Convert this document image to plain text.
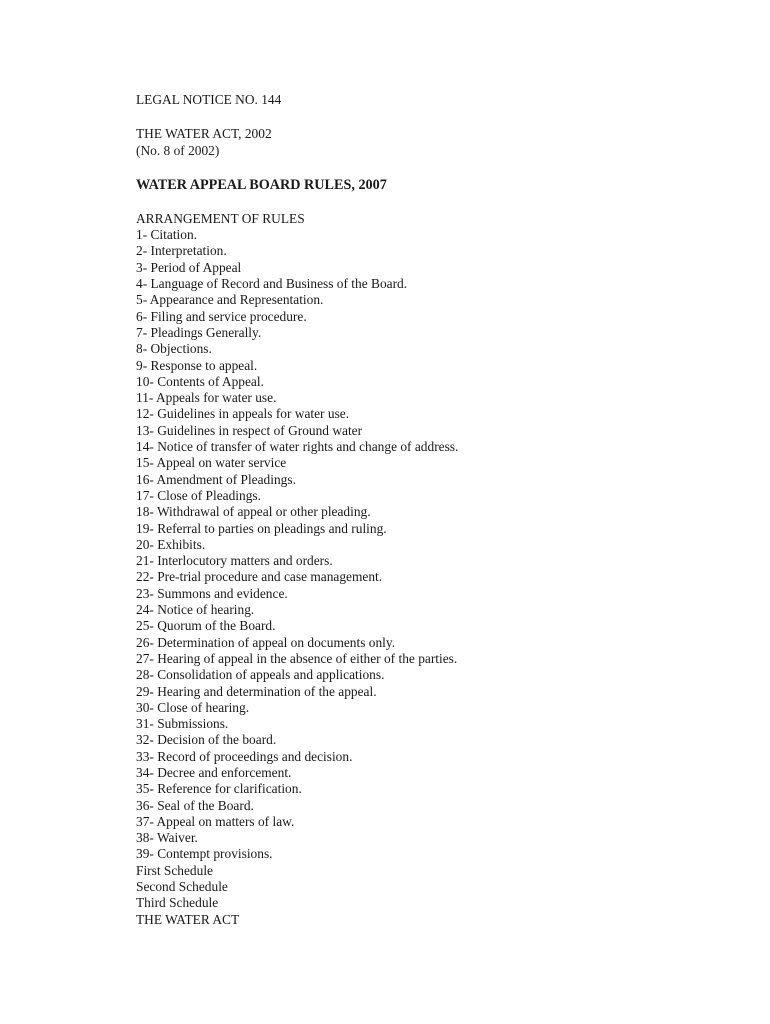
LEGAL NOTICE NO. 144
THE WATER ACT, 2002
(No. 8 of 2002)
WATER APPEAL BOARD RULES, 2007
ARRANGEMENT OF RULES
1- Citation.
2- Interpretation.
3- Period of Appeal
4- Language of Record and Business of the Board.
5- Appearance and Representation.
6- Filing and service procedure.
7- Pleadings Generally.
8- Objections.
9- Response to appeal.
10- Contents of Appeal.
11- Appeals for water use.
12- Guidelines in appeals for water use.
13- Guidelines in respect of Ground water
14- Notice of transfer of water rights and change of address.
15- Appeal on water service
16- Amendment of Pleadings.
17- Close of Pleadings.
18- Withdrawal of appeal or other pleading.
19- Referral to parties on pleadings and ruling.
20- Exhibits.
21- Interlocutory matters and orders.
22- Pre-trial procedure and case management.
23- Summons and evidence.
24- Notice of hearing.
25- Quorum of the Board.
26- Determination of appeal on documents only.
27- Hearing of appeal in the absence of either of the parties.
28- Consolidation of appeals and applications.
29- Hearing and determination of the appeal.
30- Close of hearing.
31- Submissions.
32- Decision of the board.
33- Record of proceedings and decision.
34- Decree and enforcement.
35- Reference for clarification.
36- Seal of the Board.
37- Appeal on matters of law.
38- Waiver.
39- Contempt provisions.
First Schedule
Second Schedule
Third Schedule
THE WATER ACT
